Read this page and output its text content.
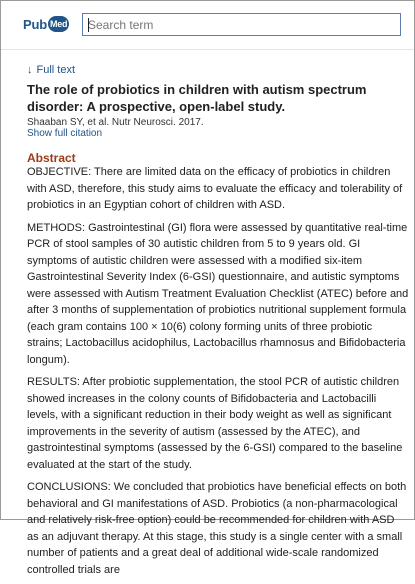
Pub Med
Search term
↓ Full text
The role of probiotics in children with autism spectrum disorder: A prospective, open-label study.
Shaaban SY, et al. Nutr Neurosci. 2017.
Show full citation
Abstract

OBJECTIVE: There are limited data on the efficacy of probiotics in children with ASD, therefore, this study aims to evaluate the efficacy and tolerability of probiotics in an Egyptian cohort of children with ASD.

METHODS: Gastrointestinal (GI) flora were assessed by quantitative real-time PCR of stool samples of 30 autistic children from 5 to 9 years old. GI symptoms of autistic children were assessed with a modified six-item Gastrointestinal Severity Index (6-GSI) questionnaire, and autistic symptoms were assessed with Autism Treatment Evaluation Checklist (ATEC) before and after 3 months of supplementation of probiotics nutritional supplement formula (each gram contains 100 × 10(6) colony forming units of three probiotic strains; Lactobacillus acidophilus, Lactobacillus rhamnosus and Bifidobacteria longum).

RESULTS: After probiotic supplementation, the stool PCR of autistic children showed increases in the colony counts of Bifidobacteria and Lactobacilli levels, with a significant reduction in their body weight as well as significant improvements in the severity of autism (assessed by the ATEC), and gastrointestinal symptoms (assessed by the 6-GSI) compared to the baseline evaluated at the start of the study.

CONCLUSIONS: We concluded that probiotics have beneficial effects on both behavioral and GI manifestations of ASD. Probiotics (a non-pharmacological and relatively risk-free option) could be recommended for children with ASD as an adjuvant therapy. At this stage, this study is a single center with a small number of patients and a great deal of additional wide-scale randomized controlled trials are
